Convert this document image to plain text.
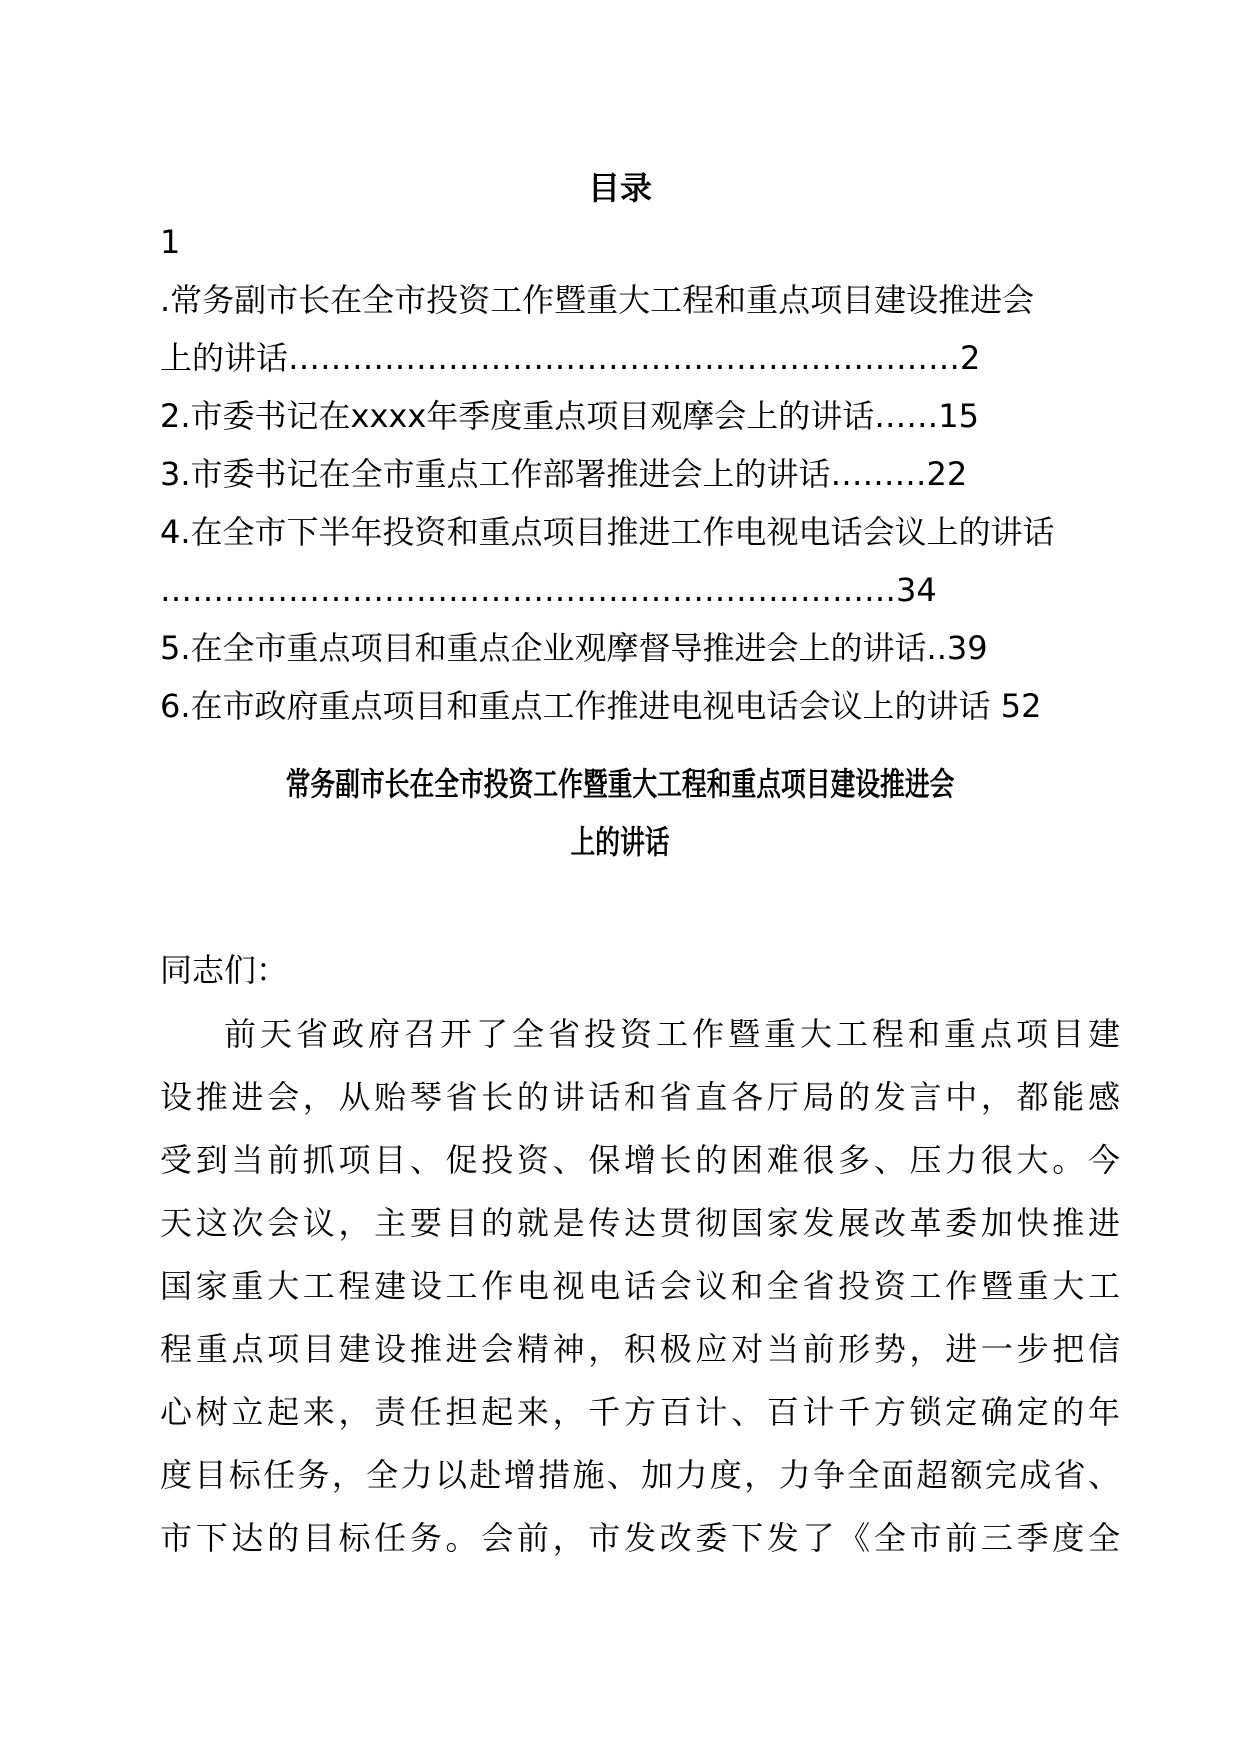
目录
1
.常务副市长在全市投资工作暨重大工程和重点项目建设推进会
上的讲话………………………………………………………2
2.市委书记在xxxx年季度重点项目观摩会上的讲话……15
3.市委书记在全市重点工作部署推进会上的讲话………22
4.在全市下半年投资和重点项目推进工作电视电话会议上的讲话
……………………………………………………………34
5.在全市重点项目和重点企业观摩督导推进会上的讲话..39
6.在市政府重点项目和重点工作推进电视电话会议上的讲话 52
常务副市长在全市投资工作暨重大工程和重点项目建设推进会
上的讲话
同志们：
前天省政府召开了全省投资工作暨重大工程和重点项目建
设推进会，从贻琴省长的讲话和省直各厅局的发言中，都能感
受到当前抓项目、促投资、保增长的困难很多、压力很大。今
天这次会议，主要目的就是传达贯彻国家发展改革委加快推进
国家重大工程建设工作电视电话会议和全省投资工作暨重大工
程重点项目建设推进会精神，积极应对当前形势，进一步把信
心树立起来，责任担起来，千方百计、百计千方锁定确定的年
度目标任务，全力以赴增措施、加力度，力争全面超额完成省、
市下达的目标任务。会前，市发改委下发了《全市前三季度全
